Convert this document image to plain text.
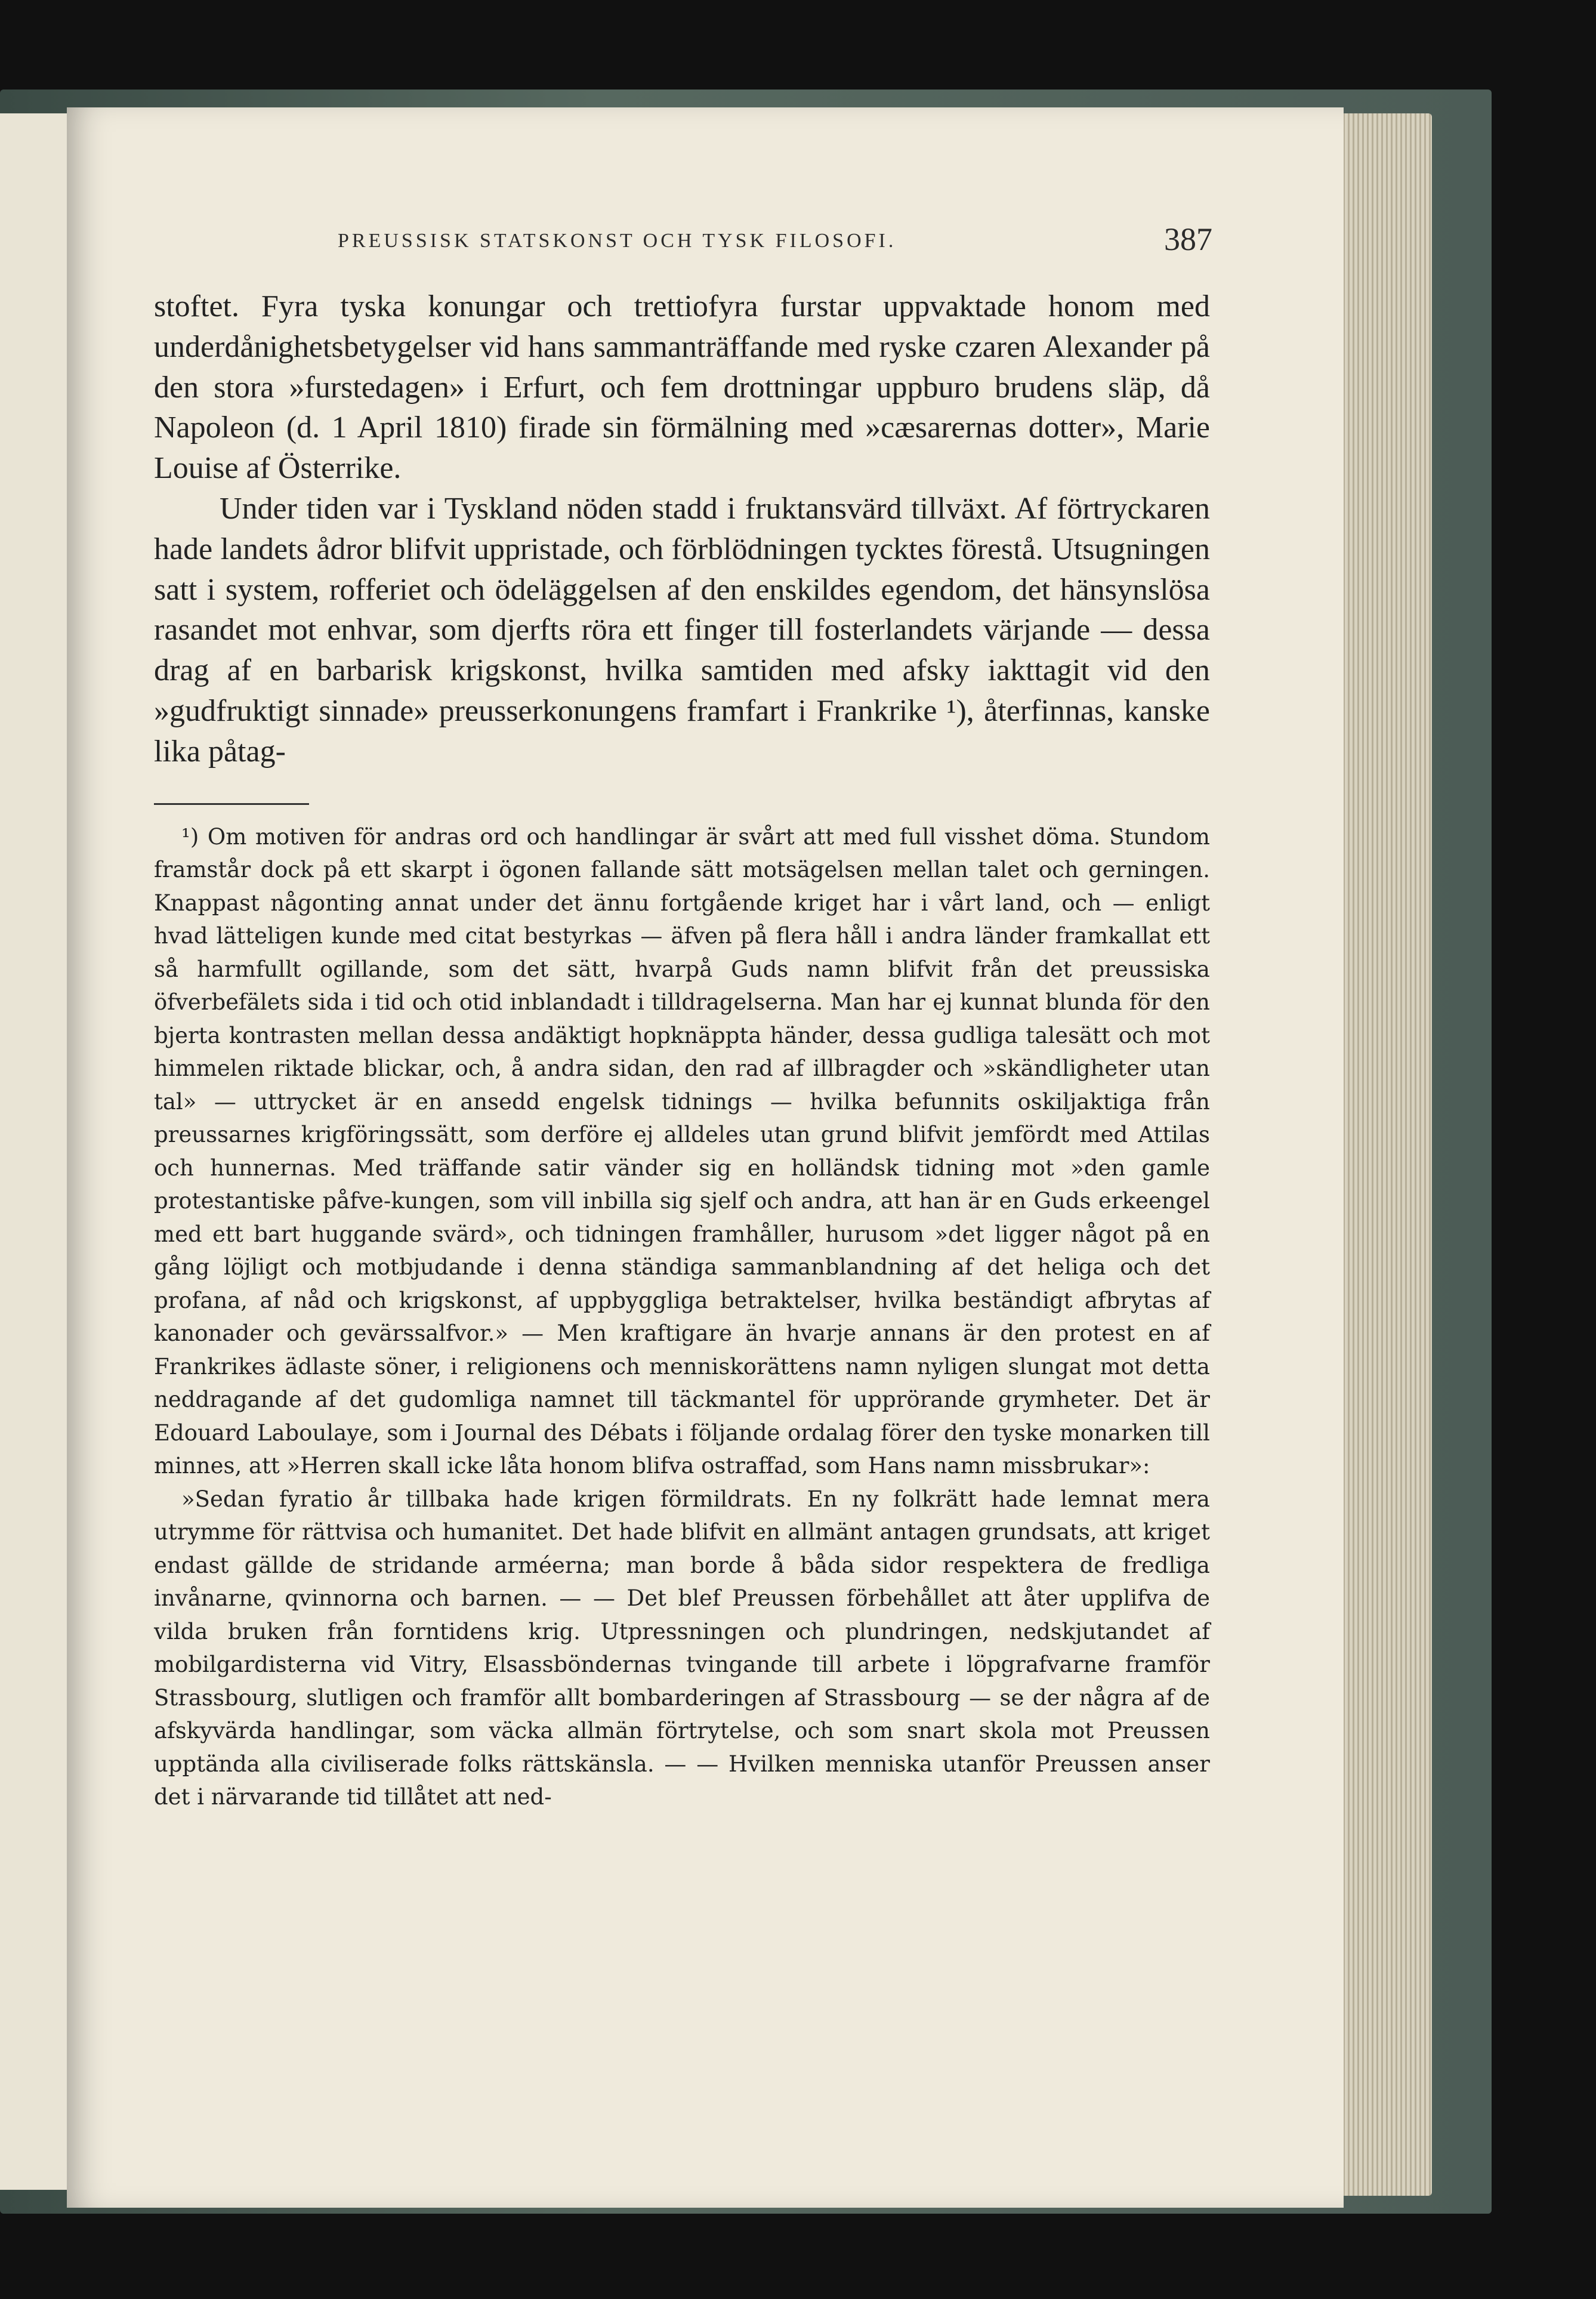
PREUSSISK STATSKONST OCH TYSK FILOSOFI.	387

stoftet. Fyra tyska konungar och trettiofyra furstar uppvaktade honom med underdånighetsbetygelser vid hans sammanträffande med ryske czaren Alexander på den stora »furstedagen» i Erfurt, och fem drottningar uppburo brudens släp, då Napoleon (d. 1 April 1810) firade sin förmälning med »cæsarernas dotter», Marie Louise af Österrike.

Under tiden var i Tyskland nöden stadd i fruktansvärd tillväxt. Af förtryckaren hade landets ådror blifvit uppristade, och förblödningen tycktes förestå. Utsugningen satt i system, rofferiet och ödeläggelsen af den enskildes egendom, det hänsynslösa rasandet mot enhvar, som djerfts röra ett finger till fosterlandets värjande — dessa drag af en barbarisk krigskonst, hvilka samtiden med afsky iakttagit vid den »gudfruktigt sinnade» preusserkonungens framfart i Frankrike ¹), återfinnas, kanske lika påtag-

¹) Om motiven för andras ord och handlingar är svårt att med full visshet döma. Stundom framstår dock på ett skarpt i ögonen fallande sätt motsägelsen mellan talet och gerningen. Knappast någonting annat under det ännu fortgående kriget har i vårt land, och — enligt hvad lätteligen kunde med citat bestyrkas — äfven på flera håll i andra länder framkallat ett så harmfullt ogillande, som det sätt, hvarpå Guds namn blifvit från det preussiska öfverbefälets sida i tid och otid inblandadt i tilldragelserna. Man har ej kunnat blunda för den bjerta kontrasten mellan dessa andäktigt hopknäppta händer, dessa gudliga talesätt och mot himmelen riktade blickar, och, å andra sidan, den rad af illbragder och »skändligheter utan tal» — uttrycket är en ansedd engelsk tidnings — hvilka befunnits oskiljaktiga från preussarnes krigföringssätt, som derföre ej alldeles utan grund blifvit jemfördt med Attilas och hunnernas. Med träffande satir vänder sig en holländsk tidning mot »den gamle protestantiske påfve-kungen, som vill inbilla sig sjelf och andra, att han är en Guds erkeengel med ett bart huggande svärd», och tidningen framhåller, hurusom »det ligger något på en gång löjligt och motbjudande i denna ständiga sammanblandning af det heliga och det profana, af nåd och krigskonst, af uppbyggliga betraktelser, hvilka beständigt afbrytas af kanonader och gevärssalfvor.» — Men kraftigare än hvarje annans är den protest en af Frankrikes ädlaste söner, i religionens och menniskorättens namn nyligen slungat mot detta neddragande af det gudomliga namnet till täckmantel för upprörande grymheter. Det är Edouard Laboulaye, som i Journal des Débats i följande ordalag förer den tyske monarken till minnes, att »Herren skall icke låta honom blifva ostraffad, som Hans namn missbrukar»:

»Sedan fyratio år tillbaka hade krigen förmildrats. En ny folkrätt hade lemnat mera utrymme för rättvisa och humanitet. Det hade blifvit en allmänt antagen grundsats, att kriget endast gällde de stridande arméerna; man borde å båda sidor respektera de fredliga invånarne, qvinnorna och barnen. — — Det blef Preussen förbehållet att åter upplifva de vilda bruken från forntidens krig. Utpressningen och plundringen, nedskjutandet af mobilgardisterna vid Vitry, Elsassböndernas tvingande till arbete i löpgrafvarne framför Strassbourg, slutligen och framför allt bombarderingen af Strassbourg — se der några af de afskyvärda handlingar, som väcka allmän förtrytelse, och som snart skola mot Preussen upptända alla civiliserade folks rättskänsla. — — Hvilken menniska utanför Preussen anser det i närvarande tid tillåtet att ned-
